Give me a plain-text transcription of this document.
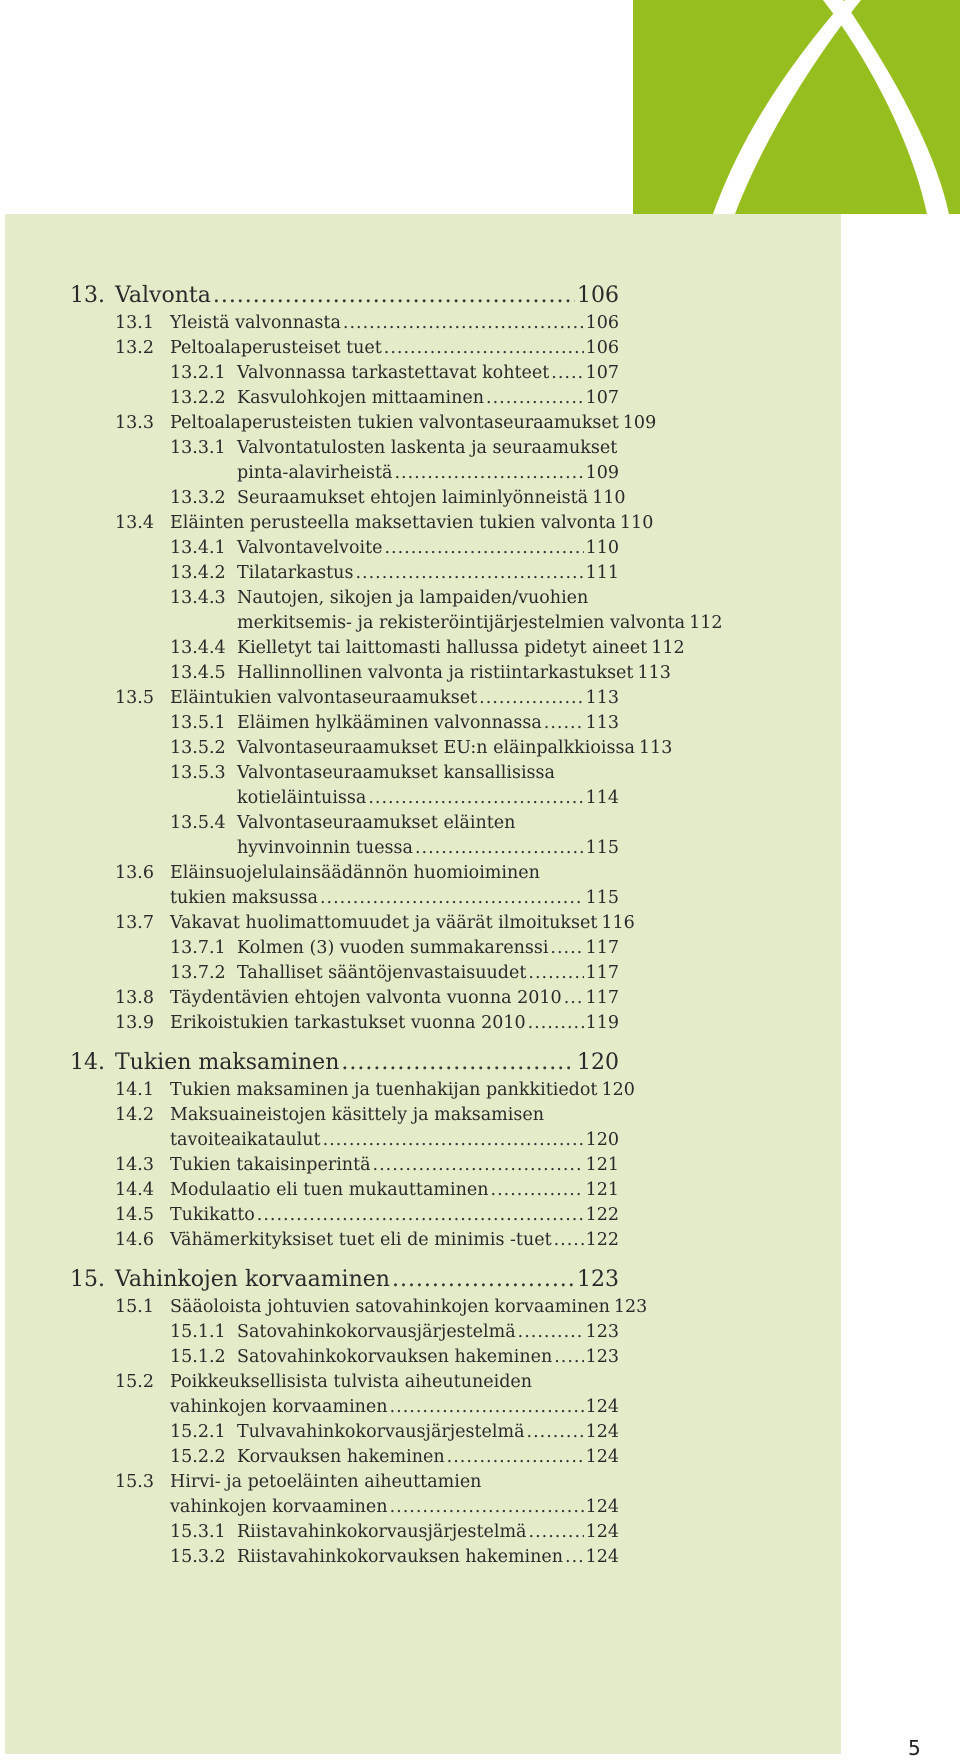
13. Valvonta .....	106
13.1 Yleistä valvonnasta .....	106
13.2 Peltoalaperusteiset tuet .....	106
13.2.1 Valvonnassa tarkastettavat kohteet ..... 107
13.2.2 Kasvulohkojen mittaaminen .....	107
13.3 Peltoalaperusteisten tukien valvontaseuraamukset 109
13.3.1 Valvontatulosten laskenta ja seuraamukset
pinta-alavirheistä .....	109
13.3.2 Seuraamukset ehtojen laiminlyönneistä 110
13.4 Eläinten perusteella maksettavien tukien valvonta 110
13.4.1 Valvontavelvoite .....	110
13.4.2 Tilatarkastus .....	111
13.4.3 Nautojen, sikojen ja lampaiden/vuohien
merkitsemis- ja rekisteröintijärjestelmien valvonta 112
13.4.4 Kielletyt tai laittomasti hallussa pidetyt aineet 112
13.4.5 Hallinnollinen valvonta ja ristiintarkastukset 113
13.5 Eläintukien valvontaseuraamukset .....	113
13.5.1 Eläimen hylkääminen valvonnassa .....	113
13.5.2 Valvontaseuraamukset EU:n eläinpalkkioissa 113
13.5.3 Valvontaseuraamukset kansallisissa
kotieläintuissa .....	114
13.5.4 Valvontaseuraamukset eläinten
hyvinvoinnin tuessa .....	115
13.6 Eläinsuojelulainsäädännön huomioiminen
tukien maksussa .....	115
13.7 Vakavat huolimattomuudet ja väärät ilmoitukset 116
13.7.1 Kolmen (3) vuoden summakarenssi ..... 117
13.7.2 Tahalliset sääntöjenvastaisuudet .....	117
13.8 Täydentävien ehtojen valvonta vuonna 2010 ..... 117
13.9 Erikoistukien tarkastukset vuonna 2010 .....	119
14. Tukien maksaminen .....	120
14.1 Tukien maksaminen ja tuenhakijan pankkitiedot 120
14.2 Maksuaineistojen käsittely ja maksamisen
tavoiteaikataulut .....	120
14.3 Tukien takaisinperintä .....	121
14.4 Modulaatio eli tuen mukauttaminen .....	121
14.5 Tukikatto .....	122
14.6 Vähämerkityksiset tuet eli de minimis -tuet ..... 122
15. Vahinkojen korvaaminen .....	123
15.1 Sääoloista johtuvien satovahinkojen korvaaminen 123
15.1.1 Satovahinkokorvausjärjestelmä .....	123
15.1.2 Satovahinkokorvauksen hakeminen ..... 123
15.2 Poikkeuksellisista tulvista aiheutuneiden
vahinkojen korvaaminen .....	124
15.2.1 Tulvavahinkokorvausjärjestelmä .....	124
15.2.2 Korvauksen hakeminen .....	124
15.3 Hirvi- ja petoeläinten aiheuttamien
vahinkojen korvaaminen .....	124
15.3.1 Riistavahinkokorvausjärjestelmä .....	124
15.3.2 Riistavahinkokorvauksen hakeminen ..... 124
5
